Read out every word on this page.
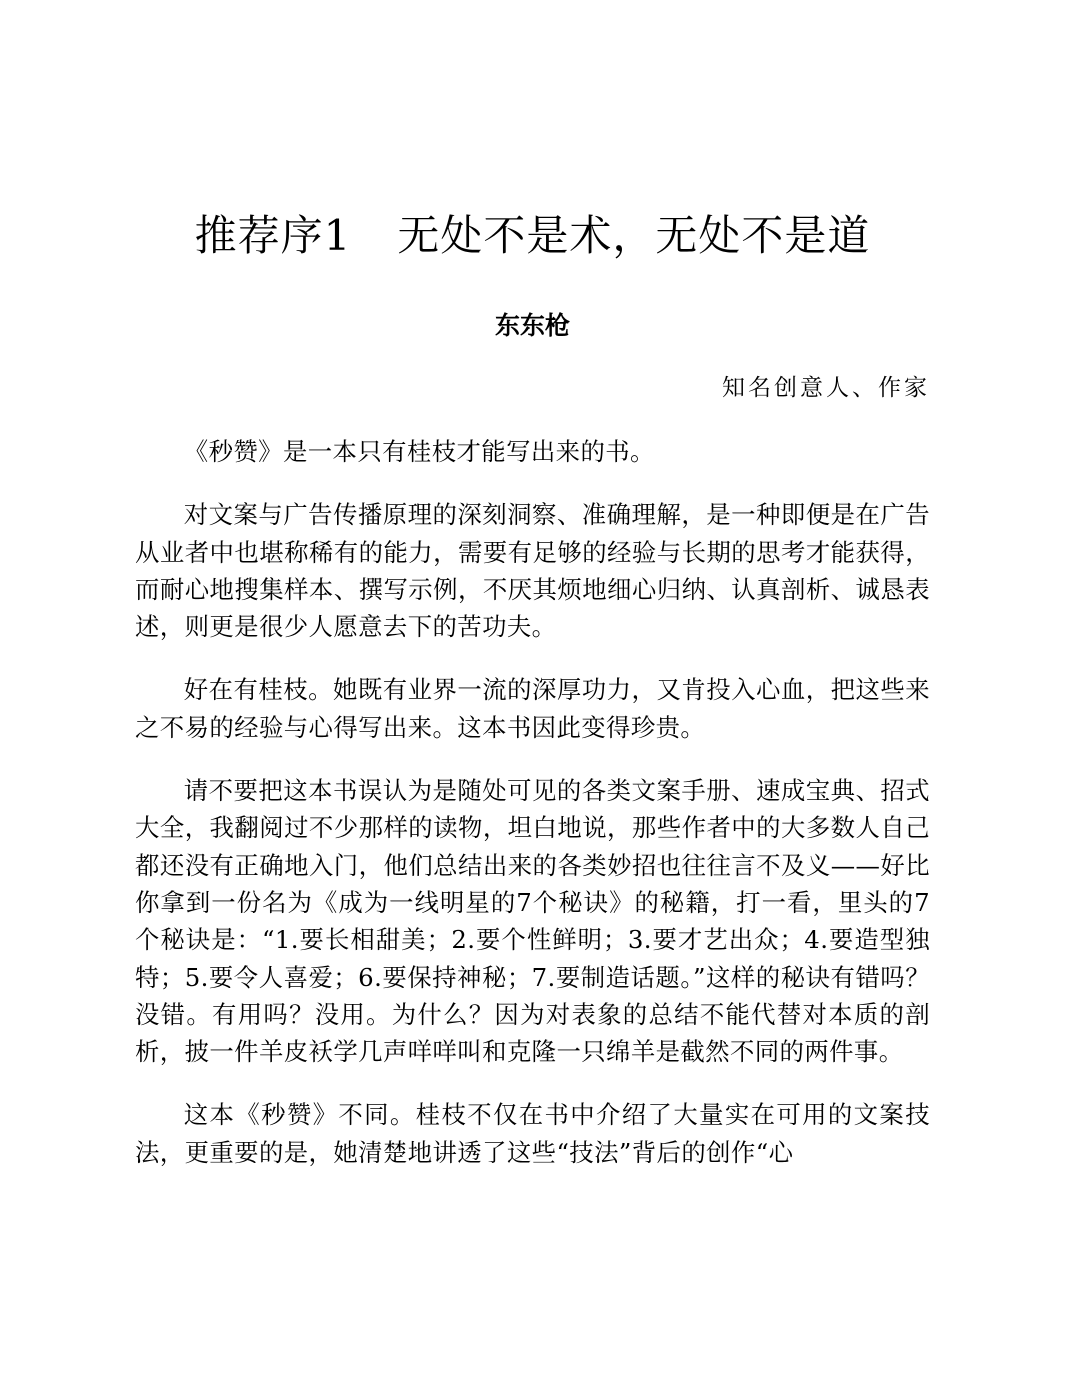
推荐序1 无处不是术，无处不是道

东东枪

知名创意人、作家

《秒赞》是一本只有桂枝才能写出来的书。

对文案与广告传播原理的深刻洞察、准确理解，是一种即便是在广告从业者中也堪称稀有的能力，需要有足够的经验与长期的思考才能获得，而耐心地搜集样本、撰写示例，不厌其烦地细心归纳、认真剖析、诚恳表述，则更是很少人愿意去下的苦功夫。

好在有桂枝。她既有业界一流的深厚功力，又肯投入心血，把这些来之不易的经验与心得写出来。这本书因此变得珍贵。

请不要把这本书误认为是随处可见的各类文案手册、速成宝典、招式大全，我翻阅过不少那样的读物，坦白地说，那些作者中的大多数人自己都还没有正确地入门，他们总结出来的各类妙招也往往言不及义——好比你拿到一份名为《成为一线明星的7个秘诀》的秘籍，打一看，里头的7个秘诀是：“1.要长相甜美；2.要个性鲜明；3.要才艺出众；4.要造型独特；5.要令人喜爱；6.要保持神秘；7.要制造话题。”这样的秘诀有错吗？没错。有用吗？没用。为什么？因为对表象的总结不能代替对本质的剖析，披一件羊皮袄学几声咩咩叫和克隆一只绵羊是截然不同的两件事。

这本《秒赞》不同。桂枝不仅在书中介绍了大量实在可用的文案技法，更重要的是，她清楚地讲透了这些“技法”背后的创作“心
